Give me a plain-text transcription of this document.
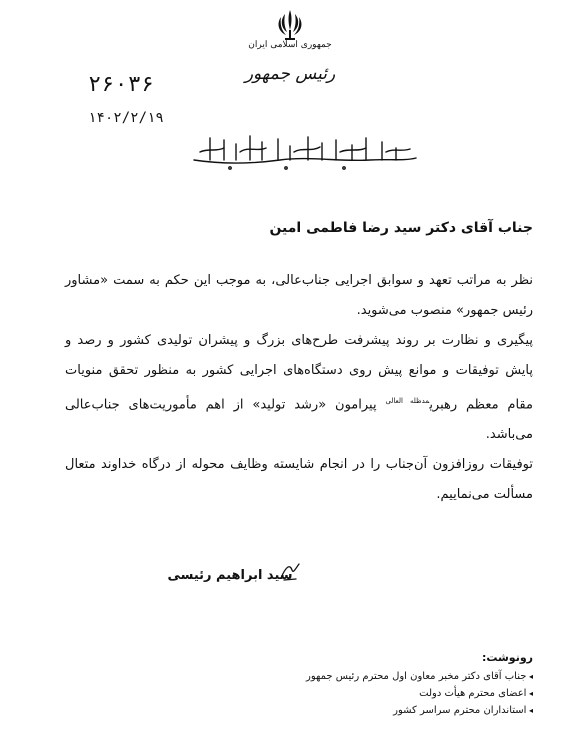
جمهوری اسلامی ایران
رئیس جمهور
۲۶۰۳۶
۱۴۰۲/۲/۱۹
جناب آقای دکتر سید رضا فاطمی امین

نظر به مراتب تعهد و سوابق اجرایی جناب‌عالی، به موجب این حکم به سمت «مشاور رئیس جمهور» منصوب می‌شوید.

پیگیری و نظارت بر روند پیشرفت طرح‌های بزرگ و پیشران تولیدی کشور و رصد و پایش توفیقات و موانع پیش روی دستگاه‌های اجرایی کشور به منظور تحقق منویات مقام معظم رهبری$^{مدظله العالی}$ پیرامون «رشد تولید» از اهم مأموریت‌های جناب‌عالی می‌باشد.

توفیقات روزافزون آن‌جناب را در انجام شایسته وظایف محوله از درگاه خداوند متعال مسألت می‌نماییم.

سید ابراهیم رئیسی
رونوشت:
◂ جناب آقای دکتر مخبر معاون اول محترم رئیس جمهور
◂ اعضای محترم هیأت دولت
◂ استانداران محترم سراسر کشور
